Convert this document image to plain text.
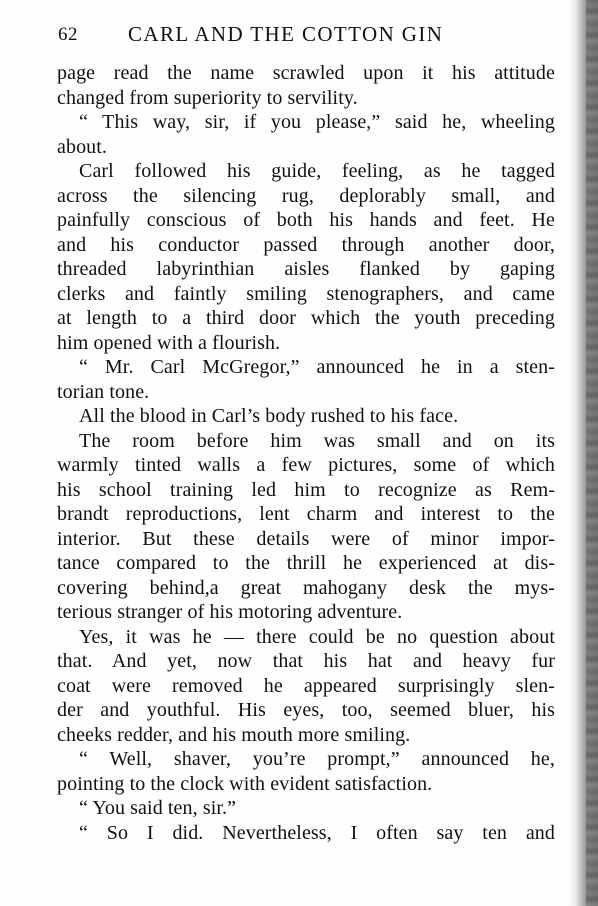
62 CARL AND THE COTTON GIN
page read the name scrawled upon it his attitude
changed from superiority to servility.
“ This way, sir, if you please,” said he, wheeling
about.
Carl followed his guide, feeling, as he tagged
across the silencing rug, deplorably small, and
painfully conscious of both his hands and feet. He
and his conductor passed through another door,
threaded labyrinthian aisles flanked by gaping
clerks and faintly smiling stenographers, and came
at length to a third door which the youth preceding
him opened with a flourish.
“ Mr. Carl McGregor,” announced he in a sten-
torian tone.
All the blood in Carl’s body rushed to his face.
The room before him was small and on its
warmly tinted walls a few pictures, some of which
his school training led him to recognize as Rem-
brandt reproductions, lent charm and interest to the
interior. But these details were of minor impor-
tance compared to the thrill he experienced at dis-
covering behind,a great mahogany desk the mys-
terious stranger of his motoring adventure.
Yes, it was he — there could be no question about
that. And yet, now that his hat and heavy fur
coat were removed he appeared surprisingly slen-
der and youthful. His eyes, too, seemed bluer, his
cheeks redder, and his mouth more smiling.
“ Well, shaver, you’re prompt,” announced he,
pointing to the clock with evident satisfaction.
“ You said ten, sir.”
“ So I did. Nevertheless, I often say ten and
